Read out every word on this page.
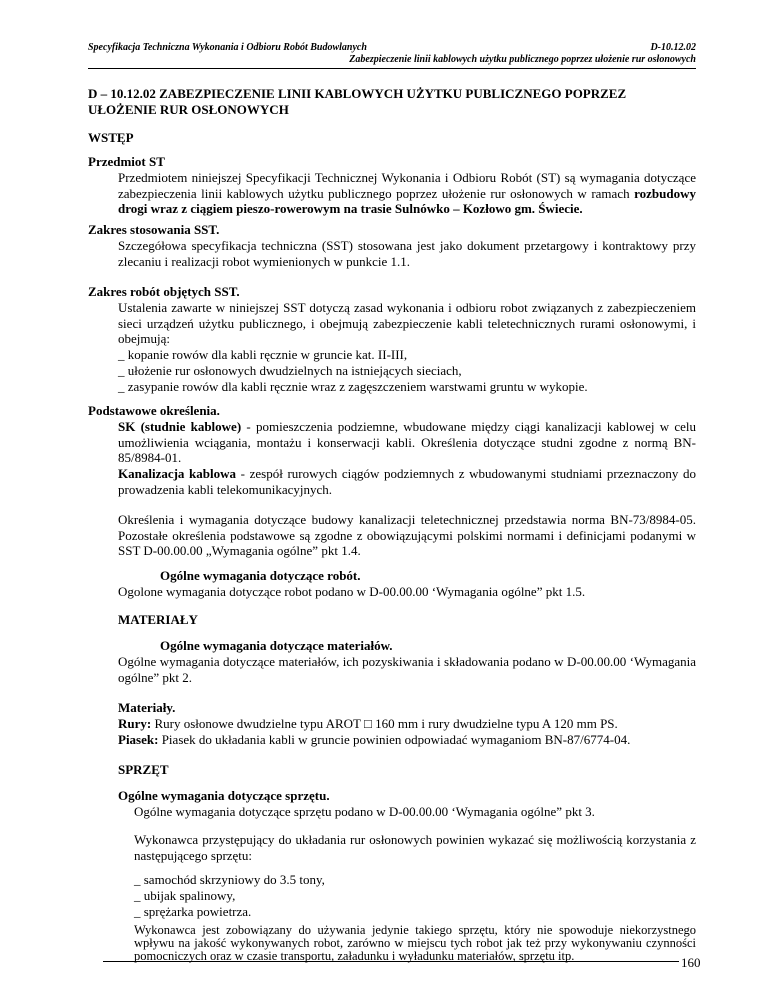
Specyfikacja Techniczna Wykonania i Odbioru Robót Budowlanych	D-10.12.02
Zabezpieczenie linii kablowych użytku publicznego poprzez ułożenie rur osłonowych
D – 10.12.02 ZABEZPIECZENIE LINII KABLOWYCH UŻYTKU PUBLICZNEGO POPRZEZ
UŁOŻENIE RUR OSŁONOWYCH
WSTĘP
Przedmiot ST
Przedmiotem niniejszej Specyfikacji Technicznej Wykonania i Odbioru Robót (ST) są wymagania dotyczące zabezpieczenia linii kablowych użytku publicznego poprzez ułożenie rur osłonowych w ramach rozbudowy drogi wraz z ciągiem pieszo-rowerowym na trasie Sulnówko – Kozłowo gm. Świecie.
Zakres stosowania SST.
Szczegółowa specyfikacja techniczna (SST) stosowana jest jako dokument przetargowy i kontraktowy przy zlecaniu i realizacji robot wymienionych w punkcie 1.1.
Zakres robót objętych SST.
Ustalenia zawarte w niniejszej SST dotyczą zasad wykonania i odbioru robot związanych z zabezpieczeniem sieci urządzeń użytku publicznego, i obejmują zabezpieczenie kabli teletechnicznych rurami osłonowymi, i obejmują:
_ kopanie rowów dla kabli ręcznie w gruncie kat. II-III,
_ ułożenie rur osłonowych dwudzielnych na istniejących sieciach,
_ zasypanie rowów dla kabli ręcznie wraz z zagęszczeniem warstwami gruntu w wykopie.
Podstawowe określenia.
SK (studnie kablowe) - pomieszczenia podziemne, wbudowane między ciągi kanalizacji kablowej w celu umożliwienia wciągania, montażu i konserwacji kabli. Określenia dotyczące studni zgodne z normą BN-85/8984-01.
Kanalizacja kablowa - zespół rurowych ciągów podziemnych z wbudowanymi studniami przeznaczony do prowadzenia kabli telekomunikacyjnych.
Określenia i wymagania dotyczące budowy kanalizacji teletechnicznej przedstawia norma BN-73/8984-05. Pozostałe określenia podstawowe są zgodne z obowiązującymi polskimi normami i definicjami podanymi w SST D-00.00.00 „Wymagania ogólne” pkt 1.4.
Ogólne wymagania dotyczące robót.
Ogolone wymagania dotyczące robot podano w D-00.00.00 ‘Wymagania ogólne” pkt 1.5.
MATERIAŁY
Ogólne wymagania dotyczące materiałów.
Ogólne wymagania dotyczące materiałów, ich pozyskiwania i składowania podano w D-00.00.00 ‘Wymagania ogólne” pkt 2.
Materiały.
Rury: Rury osłonowe dwudzielne typu AROT □ 160 mm i rury dwudzielne typu A 120 mm PS.
Piasek: Piasek do układania kabli w gruncie powinien odpowiadać wymaganiom BN-87/6774-04.
SPRZĘT
Ogólne wymagania dotyczące sprzętu.
Ogólne wymagania dotyczące sprzętu podano w D-00.00.00 ‘Wymagania ogólne” pkt 3.
Wykonawca przystępujący do układania rur osłonowych powinien wykazać się możliwością korzystania z następującego sprzętu:
_ samochód skrzyniowy do 3.5 tony,
_ ubijak spalinowy,
_ sprężarka powietrza.
Wykonawca jest zobowiązany do używania jedynie takiego sprzętu, który nie spowoduje niekorzystnego wpływu na jakość wykonywanych robot, zarówno w miejscu tych robot jak też przy wykonywaniu czynności pomocniczych oraz w czasie transportu, załadunku i wyładunku materiałów, sprzętu itp.	160
